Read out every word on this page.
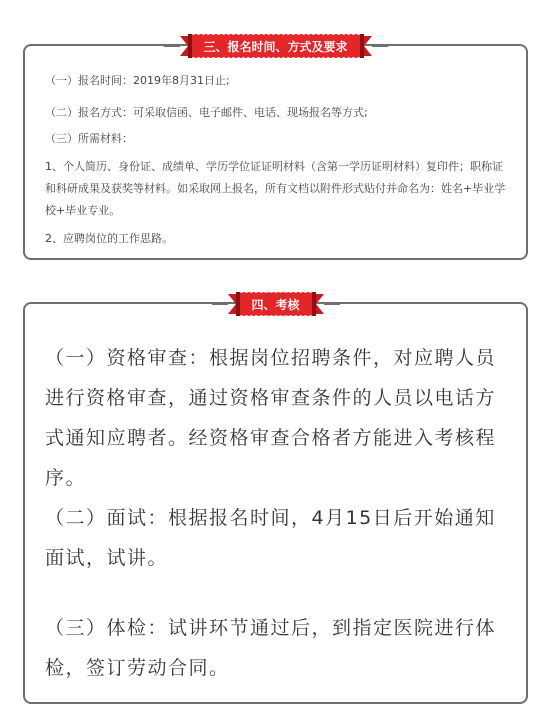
三、报名时间、方式及要求
（一）报名时间：2019年8月31日止;
（二）报名方式：可采取信函、电子邮件、电话、现场报名等方式;
（三）所需材料：
1、个人简历、身份证、成绩单、学历学位证证明材料（含第一学历证明材料）复印件；职称证和科研成果及获奖等材料。如采取网上报名，所有文档以附件形式贴付并命名为：姓名+毕业学校+毕业专业。
2、应聘岗位的工作思路。
四、考核
（一）资格审查：根据岗位招聘条件，对应聘人员进行资格审查，通过资格审查条件的人员以电话方式通知应聘者。经资格审查合格者方能进入考核程序。
（二）面试：根据报名时间，4月15日后开始通知面试，试讲。
（三）体检：试讲环节通过后，到指定医院进行体检，签订劳动合同。
